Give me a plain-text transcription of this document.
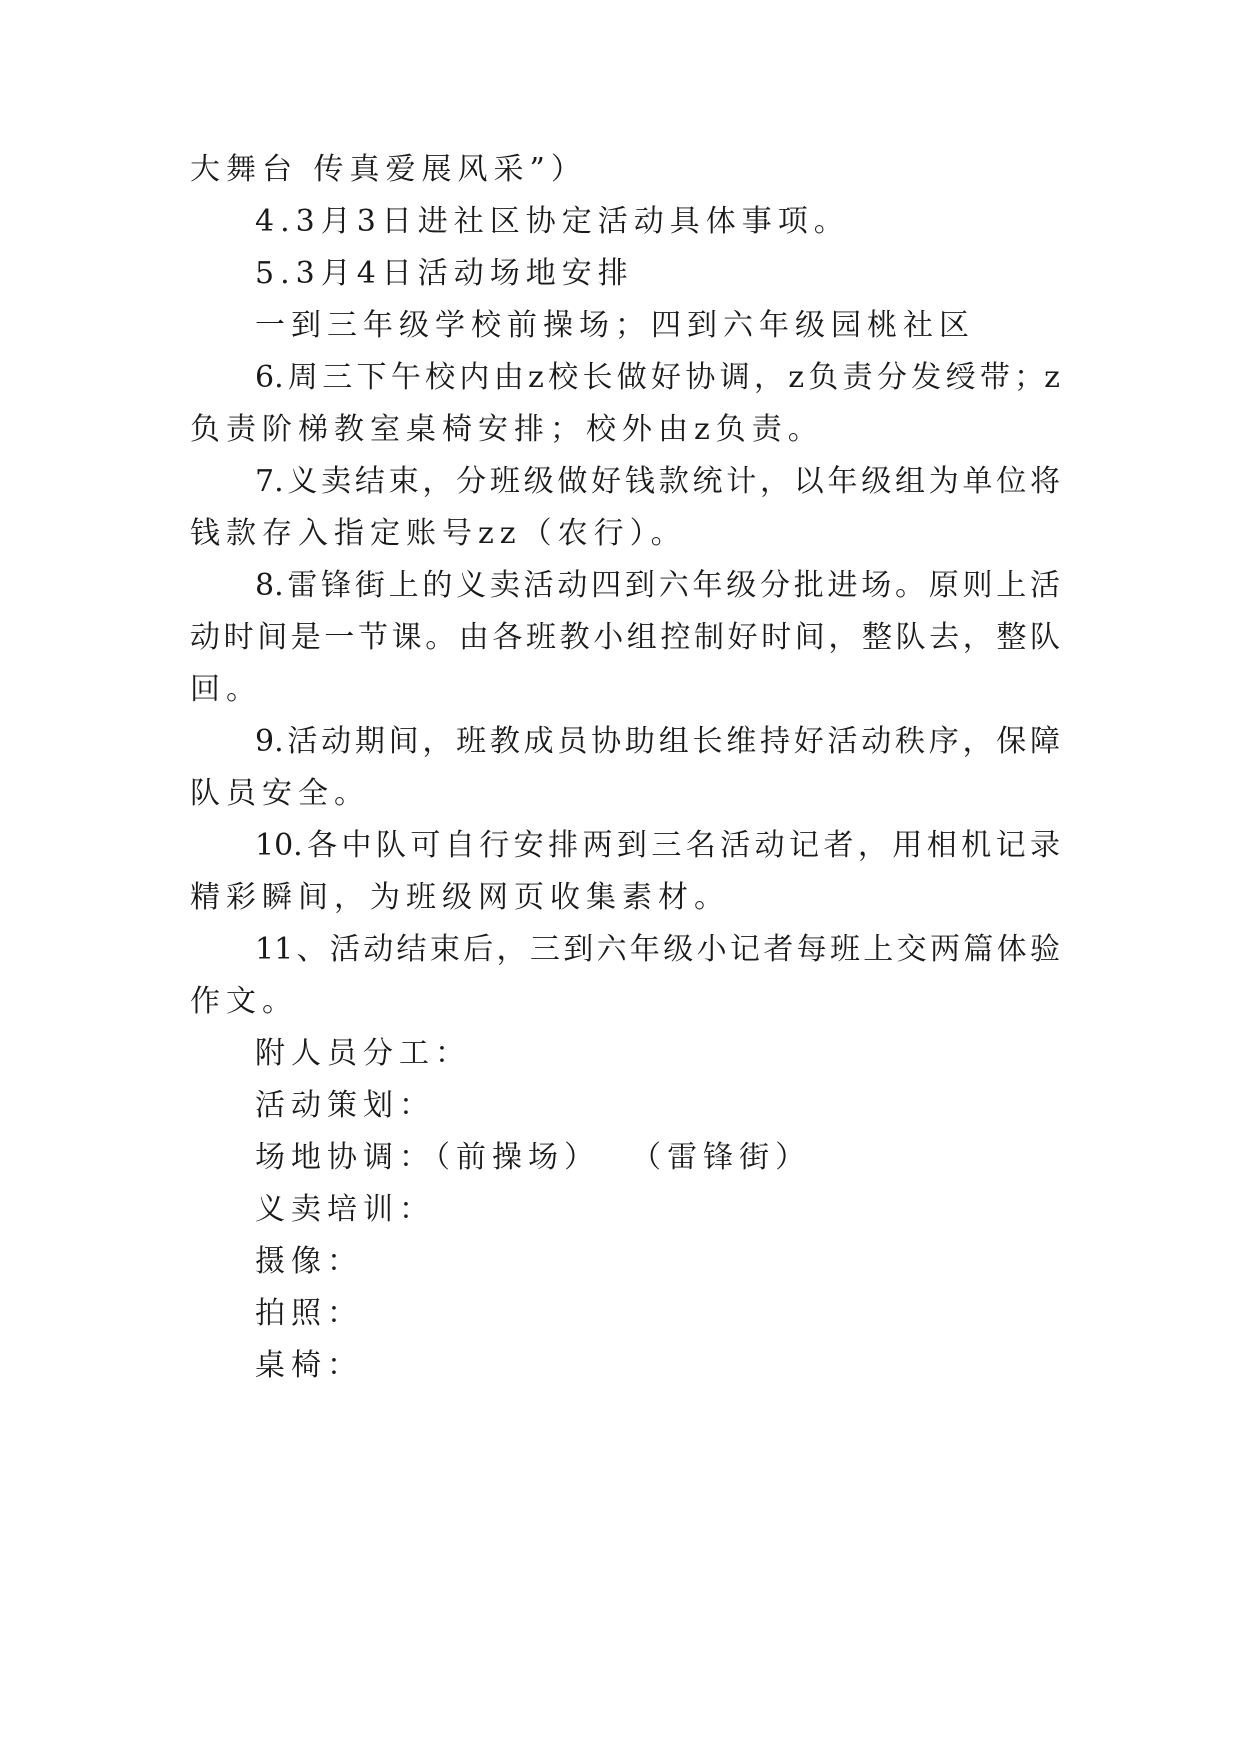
大舞台 传真爱展风采”）
4.3月3日进社区协定活动具体事项。
5.3月4日活动场地安排
一到三年级学校前操场；四到六年级园桃社区
6.周三下午校内由z校长做好协调，z负责分发绶带；z
负责阶梯教室桌椅安排；校外由z负责。
7.义卖结束，分班级做好钱款统计，以年级组为单位将
钱款存入指定账号zz（农行）。
8.雷锋街上的义卖活动四到六年级分批进场。原则上活
动时间是一节课。由各班教小组控制好时间，整队去，整队
回。
9.活动期间，班教成员协助组长维持好活动秩序，保障
队员安全。
10.各中队可自行安排两到三名活动记者，用相机记录
精彩瞬间，为班级网页收集素材。
11、活动结束后，三到六年级小记者每班上交两篇体验
作文。
附人员分工：
活动策划：
场地协调：（前操场）  （雷锋街）
义卖培训：
摄像：
拍照：
桌椅：
